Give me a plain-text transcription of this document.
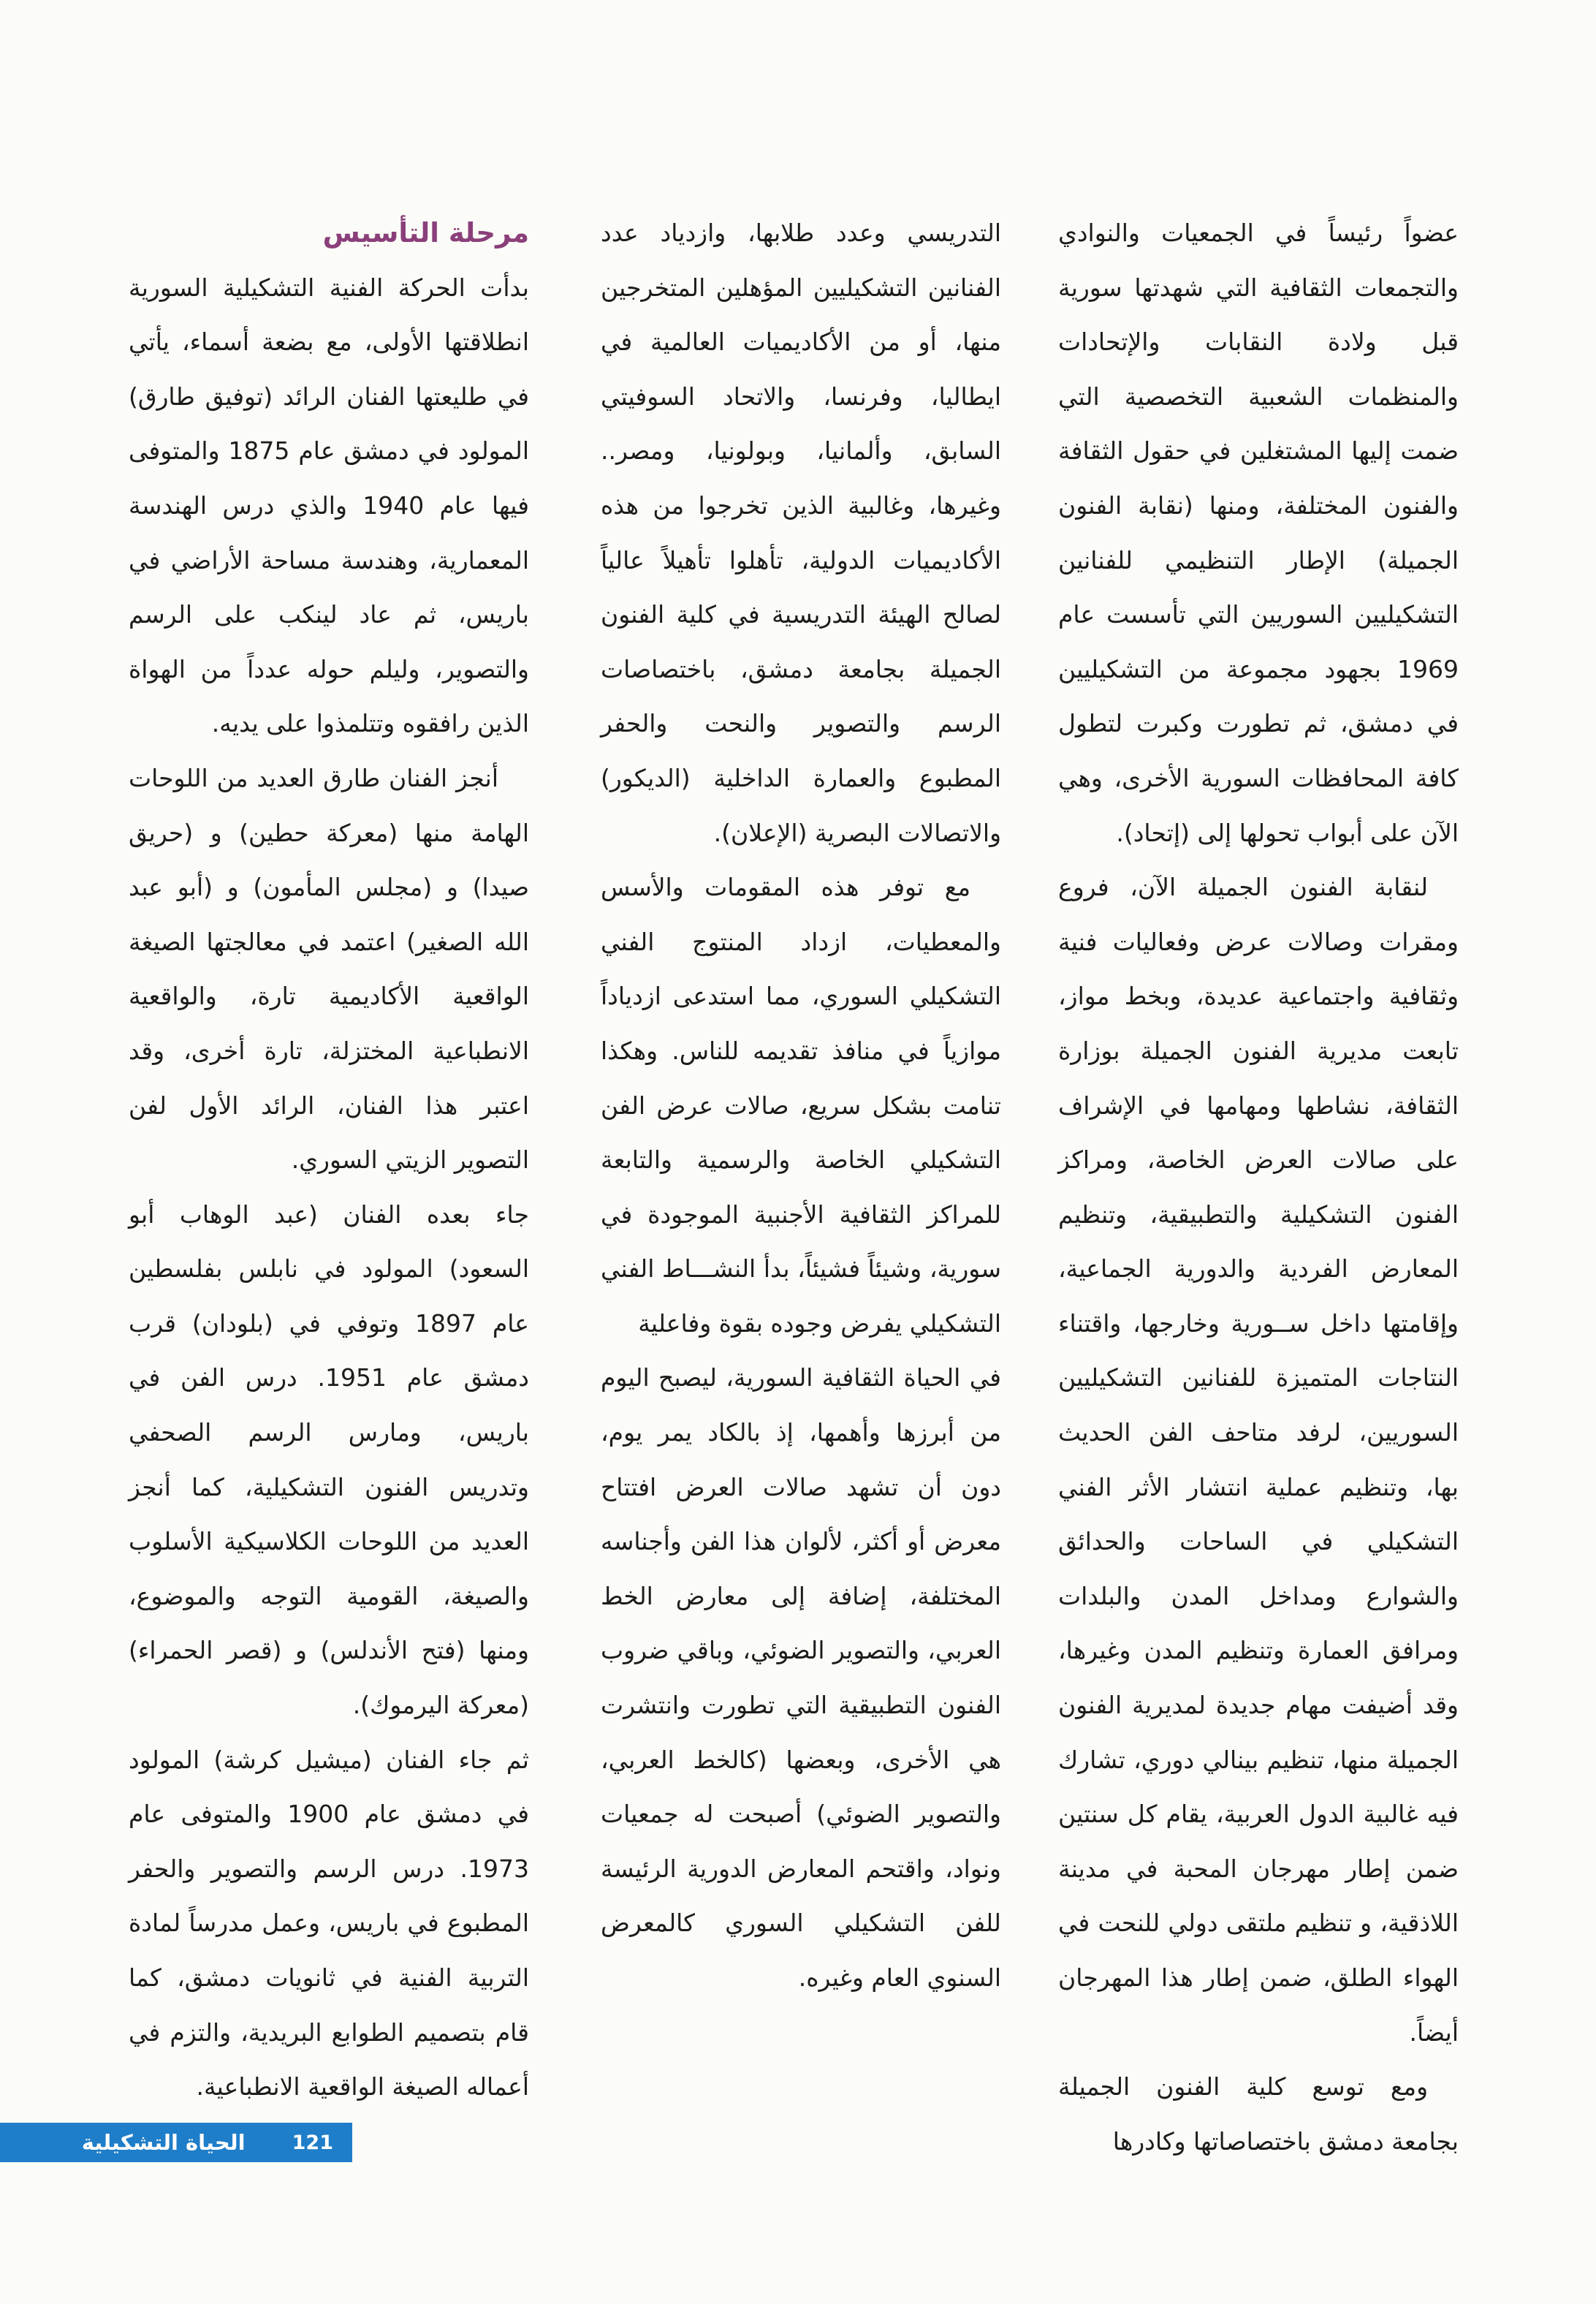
عضواً رئيساً في الجمعيات والنوادي والتجمعات الثقافية التي شهدتها سورية قبل ولادة النقابات والإتحادات والمنظمات الشعبية التخصصية التي ضمت إليها المشتغلين في حقول الثقافة والفنون المختلفة، ومنها (نقابة الفنون الجميلة) الإطار التنظيمي للفنانين التشكيليين السوريين التي تأسست عام 1969 بجهود مجموعة من التشكيليين في دمشق، ثم تطورت وكبرت لتطول كافة المحافظات السورية الأخرى، وهي الآن على أبواب تحولها إلى (إتحاد).

لنقابة الفنون الجميلة الآن، فروع ومقرات وصالات عرض وفعاليات فنية وثقافية واجتماعية عديدة، وبخط مواز، تابعت مديرية الفنون الجميلة بوزارة الثقافة، نشاطها ومهامها في الإشراف على صالات العرض الخاصة، ومراكز الفنون التشكيلية والتطبيقية، وتنظيم المعارض الفردية والدورية الجماعية، وإقامتها داخل ســورية وخارجها، واقتناء النتاجات المتميزة للفنانين التشكيليين السوريين، لرفد متاحف الفن الحديث بها، وتنظيم عملية انتشار الأثر الفني التشكيلي في الساحات والحدائق والشوارع ومداخل المدن والبلدات ومرافق العمارة وتنظيم المدن وغيرها، وقد أضيفت مهام جديدة لمديرية الفنون الجميلة منها، تنظيم بينالي دوري، تشارك فيه غالبية الدول العربية، يقام كل سنتين ضمن إطار مهرجان المحبة في مدينة اللاذقية، و تنظيم ملتقى دولي للنحت في الهواء الطلق، ضمن إطار هذا المهرجان أيضاً.

ومع توسع كلية الفنون الجميلة بجامعة دمشق باختصاصاتها وكادرها

التدريسي وعدد طلابها، وازدياد عدد الفنانين التشكيليين المؤهلين المتخرجين منها، أو من الأكاديميات العالمية في ايطاليا، وفرنسا، والاتحاد السوفيتي السابق، وألمانيا، وبولونيا، ومصر.. وغيرها، وغالبية الذين تخرجوا من هذه الأكاديميات الدولية، تأهلوا تأهيلاً عالياً لصالح الهيئة التدريسية في كلية الفنون الجميلة بجامعة دمشق، باختصاصات الرسم والتصوير والنحت والحفر المطبوع والعمارة الداخلية (الديكور) والاتصالات البصرية (الإعلان).

مع توفر هذه المقومات والأسس والمعطيات، ازداد المنتوج الفني التشكيلي السوري، مما استدعى ازدياداً موازياً في منافذ تقديمه للناس. وهكذا تنامت بشكل سريع، صالات عرض الفن التشكيلي الخاصة والرسمية والتابعة للمراكز الثقافية الأجنبية الموجودة في سورية، وشيئاً فشيئاً، بدأ النشـــاط الفني التشكيلي يفرض وجوده بقوة وفاعلية

في الحياة الثقافية السورية، ليصبح اليوم من أبرزها وأهمها، إذ بالكاد يمر يوم، دون أن تشهد صالات العرض افتتاح معرض أو أكثر، لألوان هذا الفن وأجناسه المختلفة، إضافة إلى معارض الخط العربي، والتصوير الضوئي، وباقي ضروب الفنون التطبيقية التي تطورت وانتشرت هي الأخرى، وبعضها (كالخط العربي، والتصوير الضوئي) أصبحت له جمعيات ونواد، واقتحم المعارض الدورية الرئيسة للفن التشكيلي السوري كالمعرض السنوي العام وغيره.

مرحلة التأسيس

بدأت الحركة الفنية التشكيلية السورية انطلاقتها الأولى، مع بضعة أسماء، يأتي في طليعتها الفنان الرائد (توفيق طارق) المولود في دمشق عام 1875 والمتوفى فيها عام 1940 والذي درس الهندسة المعمارية، وهندسة مساحة الأراضي في باريس، ثم عاد لينكب على الرسم والتصوير، وليلم حوله عدداً من الهواة الذين رافقوه وتتلمذوا على يديه.

أنجز الفنان طارق العديد من اللوحات الهامة منها (معركة حطين) و (حريق صيدا) و (مجلس المأمون) و (أبو عبد الله الصغير) اعتمد في معالجتها الصيغة الواقعية الأكاديمية تارة، والواقعية الانطباعية المختزلة، تارة أخرى، وقد اعتبر هذا الفنان، الرائد الأول لفن التصوير الزيتي السوري.

جاء بعده الفنان (عبد الوهاب أبو السعود) المولود في نابلس بفلسطين عام 1897 وتوفي في (بلودان) قرب دمشق عام 1951. درس الفن في باريس، ومارس الرسم الصحفي وتدريس الفنون التشكيلية، كما أنجز العديد من اللوحات الكلاسيكية الأسلوب والصيغة، القومية التوجه والموضوع، ومنها (فتح الأندلس) و (قصر الحمراء) (معركة اليرموك).

ثم جاء الفنان (ميشيل كرشة) المولود في دمشق عام 1900 والمتوفى عام 1973. درس الرسم والتصوير والحفر المطبوع في باريس، وعمل مدرساً لمادة التربية الفنية في ثانويات دمشق، كما قام بتصميم الطوابع البريدية، والتزم في أعماله الصيغة الواقعية الانطباعية.

الحياة التشكيلية 121
